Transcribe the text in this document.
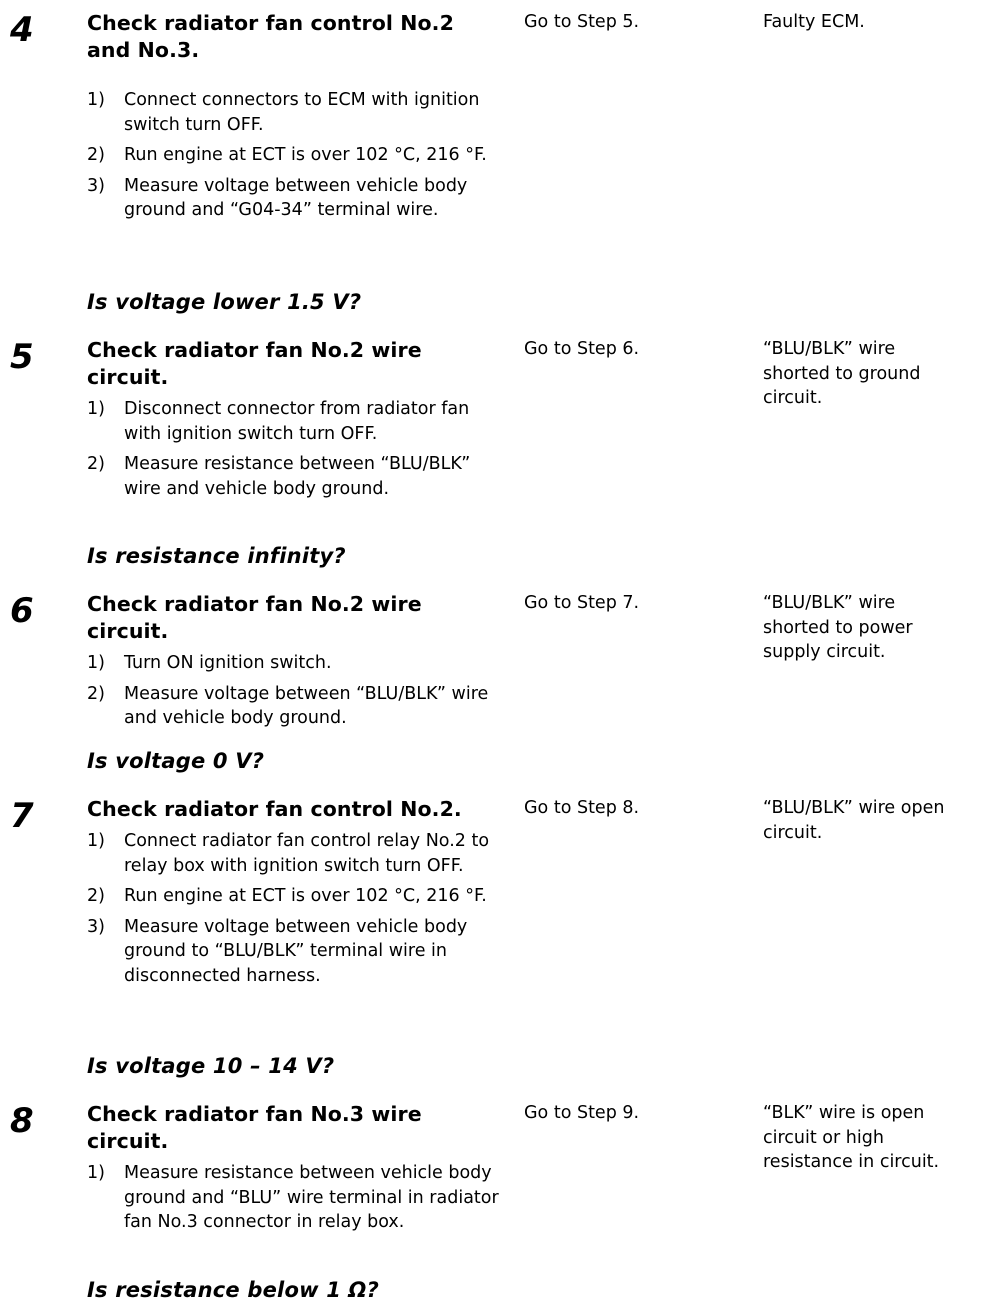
4	Check radiator fan control No.2 and No.3.

1) Connect connectors to ECM with ignition switch turn OFF.
2) Run engine at ECT is over 102 °C, 216 °F.
3) Measure voltage between vehicle body ground and “G04-34” terminal wire.

Is voltage lower 1.5 V?

Go to Step 5.	Faulty ECM.
5	Check radiator fan No.2 wire circuit.

1) Disconnect connector from radiator fan with ignition switch turn OFF.
2) Measure resistance between “BLU/BLK” wire and vehicle body ground.

Is resistance infinity?

Go to Step 6.	“BLU/BLK” wire shorted to ground circuit.
6	Check radiator fan No.2 wire circuit.

1) Turn ON ignition switch.
2) Measure voltage between “BLU/BLK” wire and vehicle body ground.

Is voltage 0 V?

Go to Step 7.	“BLU/BLK” wire shorted to power supply circuit.
7	Check radiator fan control No.2.

1) Connect radiator fan control relay No.2 to relay box with ignition switch turn OFF.
2) Run engine at ECT is over 102 °C, 216 °F.
3) Measure voltage between vehicle body ground to “BLU/BLK” terminal wire in disconnected harness.

Is voltage 10 – 14 V?

Go to Step 8.	“BLU/BLK” wire open circuit.
8	Check radiator fan No.3 wire circuit.

1) Measure resistance between vehicle body ground and “BLU” wire terminal in radiator fan No.3 connector in relay box.

Is resistance below 1 Ω?

Go to Step 9.	“BLK” wire is open circuit or high resistance in circuit.
